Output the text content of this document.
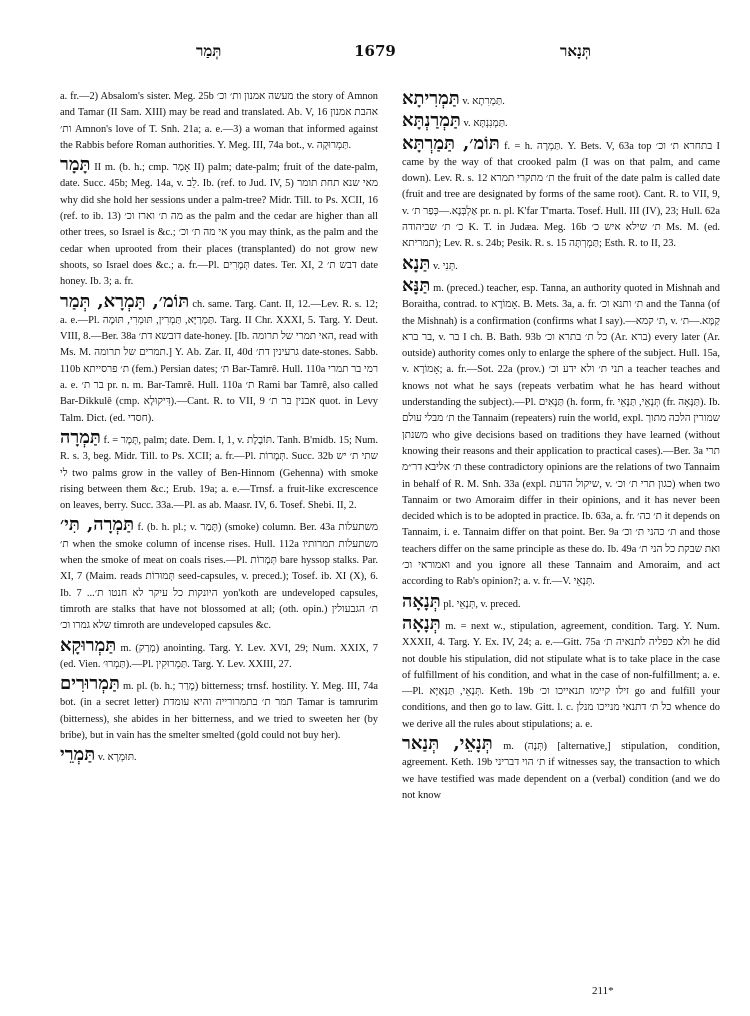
תְּמַר	1679	תְּנָאר

a. fr.—2) Absalom's sister. Meg. 25b מעשה אמנון ות׳ וכ׳ the story of Amnon and Tamar (II Sam. XIII) may be read and translated. Ab. V, 16 אהבת אמנון ות׳ Amnon's love of T. Snh. 21a; a. e.—3) a woman that informed against the Rabbis before Roman authorities. Y. Meg. III, 74a bot., v. תַּמְרוּקָה.

תָּמָר II m. (b. h.; cmp. אָמַר II) palm; date-palm; fruit of the date-palm, date. Succ. 45b; Meg. 14a, v. לֵב. Ib. (ref. to Jud. IV, 5) מאי שנא תחת תומר why did she hold her sessions under a palm-tree? Midr. Till. to Ps. XCII, 16 (ref. to ib. 13) מה ת׳ וארז וכ׳ as the palm and the cedar are higher than all other trees, so Israel is &c.; אי מה ת׳ וכ׳ you may think, as the palm and the cedar when uprooted from their places (transplanted) do not grow new shoots, so Israel does &c.; a. fr.—Pl. תְּמָרִים dates. Ter. XI, 2 דבש ת׳ date honey. Ib. 3; a. fr.

תּוֹמ׳, תַּמְרָא, תְּמַר ch. same. Targ. Cant. II, 12.—Lev. R. s. 12; a. e.—Pl. תַּמְרַיָּא, תַּמְרִין, תּוּמְרִי, תּוּמָה. Targ. II Chr. XXXI, 5. Targ. Y. Deut. VIII, 8.—Ber. 38a דובשא דת׳ date-honey. [Ib. האי תמרי של תרומה, read with Ms. M. תמרים של תרומה.] Y. Ab. Zar. II, 40d גרעינין דת׳ date-stones. Sabb. 110b ת׳ פרסייתא (fem.) Persian dates; ת׳ Bar-Tamrê. Hull. 110a רמי בר תמרי a. e. בר ת׳ pr. n. m. Bar-Tamrê. Hull. 110a ת׳ Rami bar Tamrê, also called Bar-Dikkulê (cmp. דִּיקוּלָא).—Cant. R. to VII, 9 אבנין בר ת׳ quot. in Levy Talm. Dict. (ed. חסדי).

תַּמְרָה f. = תָּמָר, palm; date. Dem. I, 1, v. תּוֹבֶלֶת. Tanh. B'midb. 15; Num. R. s. 3, beg. Midr. Till. to Ps. XCII; a. fr.—Pl. תְּמָרוֹת. Succ. 32b שתי ת׳ יש לי two palms grow in the valley of Ben-Hinnom (Gehenna) with smoke rising between them &c.; Erub. 19a; a. e.—Trnsf. a fruit-like excrescence on leaves, berry. Succ. 33a.—Pl. as ab. Maasr. IV, 6. Tosef. Shebi. II, 2.

תַּמְרָה, תִּי׳ f. (b. h. pl.; v. תָּמַר) (smoke) column. Ber. 43a משתעלות ת׳ when the smoke column of incense rises. Hull. 112a משתעלות תמרותיו when the smoke of meat on coals rises.—Pl. תְּמָרוֹת bare hyssop stalks. Par. XI, 7 (Maim. reads תְּמוּרוֹת seed-capsules, v. preced.); Tosef. ib. XI (X), 6. Ib. 7 ...היונקות כל עיקר לא חנטו ת׳ yon'koth are undeveloped capsules, timroth are stalks that have not blossomed at all; (oth. opin.) ת׳ הגבעולין שלא גמרו וכ׳ timroth are undeveloped capsules &c.

תַּמְרוּקָא m. (מְרַק) anointing. Targ. Y. Lev. XVI, 29; Num. XXIX, 7 (ed. Vien. תַּמְרוּ׳).—Pl. תַּמְרוּקִין. Targ. Y. Lev. XXIII, 27.

תַּמְרוּרִים m. pl. (b. h.; מָרַר) bitterness; trnsf. hostility. Y. Meg. III, 74a bot. (in a secret letter) תמר ת׳ בתמרורייה והיא עומדת Tamar is tamrurim (bitterness), she abides in her bitterness, and we tried to sweeten her (by bribe), but in vain has the smelter smelted (gold could not buy her).

תַּמְרֵי v. תּוּמְרָא.

תַּמְרִיתָא v. תַּמְרִתָא.

תַּמְרַנְתָּא v. תַּמְנִנְתָּא.

תּוֹמ׳, תַּמַרְתָּא f. = h. תַּמְרָה. Y. Bets. V, 63a top בתחרא ת׳ וכ׳ I came by the way of that crooked palm (I was on that palm, and came down). Lev. R. s. 12 ת׳ מתקרי תמרא the fruit of the date palm is called date (fruit and tree are designated by forms of the same root). Cant. R. to VII, 9, v. אַלְבְּנָא.—כְּפַר ת׳ pr. n. pl. K'far T'marta. Tosef. Hull. III (IV), 23; Hull. 62a כ׳ ת׳ שביהודה K. T. in Judæa. Meg. 16b ת׳ שילא איש כ׳ Ms. M. (ed. תמריתא); Lev. R. s. 24b; Pesik. R. s. 15 תַּמְרְתָּה; Esth. R. to II, 23.

תַּנָא v. תְּנִי.

תַּנָּא m. (preced.) teacher, esp. Tanna, an authority quoted in Mishnah and Boraitha, contrad. to אָמוֹרָא. B. Mets. 3a, a. fr. ת׳ ותנא וכ׳ and the Tanna (of the Mishnah) is a confirmation (confirms what I say).—ת׳ קמא, v. קַמָּא.—ת׳ בר ברא, v. בר I ch. B. Bath. 93b כל ת׳ בתרא וכ׳ (Ar. ברא) every later (Ar. outside) authority comes only to enlarge the sphere of the subject. Hull. 15a, v. אָמוֹרָא; a. fr.—Sot. 22a (prov.) תני ת׳ ולא ידע וכ׳ a teacher teaches and knows not what he says (repeats verbatim what he has heard without understanding the subject).—Pl. תַּנָּאִים (h. form, fr. תְּנָאֵי, תַּנָּאֵי (fr. תַּנָּאָה). Ib. ת׳ מבלי עולם the Tannaim (repeaters) ruin the world, expl. שמורין הלכה מתוך משנתן who give decisions based on traditions they have learned (without knowing their reasons and their application to practical cases).—Ber. 3a תרי ת׳ אליבא דר״מ these contradictory opinions are the relations of two Tannaim in behalf of R. M. Snh. 33a (expl. שיקול הדעת, v. כגון תרי ת׳ וכ׳) when two Tannaim or two Amoraim differ in their opinions, and it has never been decided which is to be adopted in practice. Ib. 63a, a. fr. ת׳ כה׳ it depends on Tannaim, i. e. Tannaim differ on that point. Ber. 9a ת׳ כהני ת׳ וכ׳ and those teachers differ on the same principle as these do. Ib. 49a ואת שבקת כל הני ת׳ ואמוראי וכ׳ and you ignore all these Tannaim and Amoraim, and act according to Rab's opinion?; a. v. fr.—V. תְּנָאֵי.

תְּנָאָה pl. תְּנָאֵי, v. preced.

תְּנָאָה m. = next w., stipulation, agreement, condition. Targ. Y. Num. XXXII, 4. Targ. Y. Ex. IV, 24; a. e.—Gitt. 75a ולא כפליה לתנאיה ת׳ he did not double his stipulation, did not stipulate what is to take place in the case of fulfillment of his condition, and what in the case of non-fulfillment; a. e.—Pl. תְּנָאֵי, תַּנָּאַיָּא. Keth. 19b זילו קיימו תנאייכו וכ׳ go and fulfill your conditions, and then go to law. Gitt. l. c. כל ת׳ דתנאי מנייכו מנלן whence do we derive all the rules about stipulations; a. e.

תְּנָאֵי, תְּנַאר m. (תְּנָה) [alternative,] stipulation, condition, agreement. Keth. 19b ת׳ הוי דבריני if witnesses say, the transaction to which we have testified was made dependent on a (verbal) condition (and we do not know

211*
